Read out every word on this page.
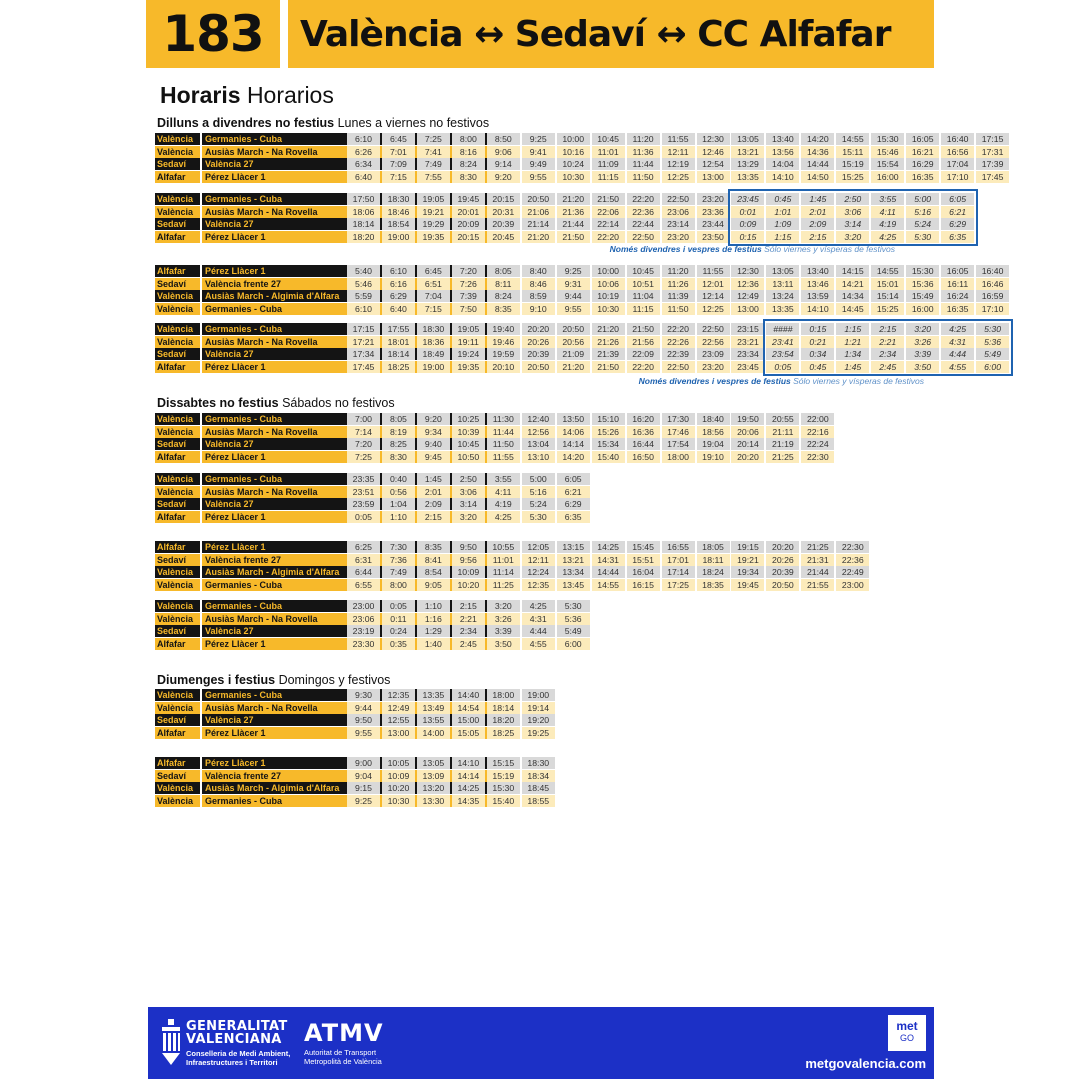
183	València ↔ Sedaví ↔ CC Alfafar
Horaris Horarios
Dilluns a divendres no festius Lunes a viernes no festivos
València	Germanies - Cuba	6:10	6:45	7:25	8:00	8:50	9:25	10:00	10:45	11:20	11:55	12:30	13:05	13:40	14:20	14:55	15:30	16:05	16:40	17:15
València	Ausiàs March - Na Rovella	6:26	7:01	7:41	8:16	9:06	9:41	10:16	11:01	11:36	12:11	12:46	13:21	13:56	14:36	15:11	15:46	16:21	16:56	17:31
Sedaví	València 27	6:34	7:09	7:49	8:24	9:14	9:49	10:24	11:09	11:44	12:19	12:54	13:29	14:04	14:44	15:19	15:54	16:29	17:04	17:39
Alfafar	Pérez Llàcer 1	6:40	7:15	7:55	8:30	9:20	9:55	10:30	11:15	11:50	12:25	13:00	13:35	14:10	14:50	15:25	16:00	16:35	17:10	17:45
València	Germanies - Cuba	17:50	18:30	19:05	19:45	20:15	20:50	21:20	21:50	22:20	22:50	23:20	23:45	0:45	1:45	2:50	3:55	5:00	6:05
València	Ausiàs March - Na Rovella	18:06	18:46	19:21	20:01	20:31	21:06	21:36	22:06	22:36	23:06	23:36	0:01	1:01	2:01	3:06	4:11	5:16	6:21
Sedaví	València 27	18:14	18:54	19:29	20:09	20:39	21:14	21:44	22:14	22:44	23:14	23:44	0:09	1:09	2:09	3:14	4:19	5:24	6:29
Alfafar	Pérez Llàcer 1	18:20	19:00	19:35	20:15	20:45	21:20	21:50	22:20	22:50	23:20	23:50	0:15	1:15	2:15	3:20	4:25	5:30	6:35
Només divendres i vespres de festius Sólo viernes y vísperas de festivos
Alfafar	Pérez Llàcer 1	5:40	6:10	6:45	7:20	8:05	8:40	9:25	10:00	10:45	11:20	11:55	12:30	13:05	13:40	14:15	14:55	15:30	16:05	16:40
Sedaví	València frente 27	5:46	6:16	6:51	7:26	8:11	8:46	9:31	10:06	10:51	11:26	12:01	12:36	13:11	13:46	14:21	15:01	15:36	16:11	16:46
València	Ausiàs March - Algimia d'Alfara	5:59	6:29	7:04	7:39	8:24	8:59	9:44	10:19	11:04	11:39	12:14	12:49	13:24	13:59	14:34	15:14	15:49	16:24	16:59
València	Germanies - Cuba	6:10	6:40	7:15	7:50	8:35	9:10	9:55	10:30	11:15	11:50	12:25	13:00	13:35	14:10	14:45	15:25	16:00	16:35	17:10
València	Germanies - Cuba	17:15	17:55	18:30	19:05	19:40	20:20	20:50	21:20	21:50	22:20	22:50	23:15	####	0:15	1:15	2:15	3:20	4:25	5:30
València	Ausiàs March - Na Rovella	17:21	18:01	18:36	19:11	19:46	20:26	20:56	21:26	21:56	22:26	22:56	23:21	23:41	0:21	1:21	2:21	3:26	4:31	5:36
Sedaví	València 27	17:34	18:14	18:49	19:24	19:59	20:39	21:09	21:39	22:09	22:39	23:09	23:34	23:54	0:34	1:34	2:34	3:39	4:44	5:49
Alfafar	Pérez Llàcer 1	17:45	18:25	19:00	19:35	20:10	20:50	21:20	21:50	22:20	22:50	23:20	23:45	0:05	0:45	1:45	2:45	3:50	4:55	6:00
Només divendres i vespres de festius Sólo viernes y vísperas de festivos
Dissabtes no festius Sábados no festivos
València	Germanies - Cuba	7:00	8:05	9:20	10:25	11:30	12:40	13:50	15:10	16:20	17:30	18:40	19:50	20:55	22:00
València	Ausiàs March - Na Rovella	7:14	8:19	9:34	10:39	11:44	12:56	14:06	15:26	16:36	17:46	18:56	20:06	21:11	22:16
Sedaví	València 27	7:20	8:25	9:40	10:45	11:50	13:04	14:14	15:34	16:44	17:54	19:04	20:14	21:19	22:24
Alfafar	Pérez Llàcer 1	7:25	8:30	9:45	10:50	11:55	13:10	14:20	15:40	16:50	18:00	19:10	20:20	21:25	22:30
València	Germanies - Cuba	23:35	0:40	1:45	2:50	3:55	5:00	6:05
València	Ausiàs March - Na Rovella	23:51	0:56	2:01	3:06	4:11	5:16	6:21
Sedaví	València 27	23:59	1:04	2:09	3:14	4:19	5:24	6:29
Alfafar	Pérez Llàcer 1	0:05	1:10	2:15	3:20	4:25	5:30	6:35
Alfafar	Pérez Llàcer 1	6:25	7:30	8:35	9:50	10:55	12:05	13:15	14:25	15:45	16:55	18:05	19:15	20:20	21:25	22:30
Sedaví	València frente 27	6:31	7:36	8:41	9:56	11:01	12:11	13:21	14:31	15:51	17:01	18:11	19:21	20:26	21:31	22:36
València	Ausiàs March - Algimia d'Alfara	6:44	7:49	8:54	10:09	11:14	12:24	13:34	14:44	16:04	17:14	18:24	19:34	20:39	21:44	22:49
València	Germanies - Cuba	6:55	8:00	9:05	10:20	11:25	12:35	13:45	14:55	16:15	17:25	18:35	19:45	20:50	21:55	23:00
València	Germanies - Cuba	23:00	0:05	1:10	2:15	3:20	4:25	5:30
València	Ausiàs March - Na Rovella	23:06	0:11	1:16	2:21	3:26	4:31	5:36
Sedaví	València 27	23:19	0:24	1:29	2:34	3:39	4:44	5:49
Alfafar	Pérez Llàcer 1	23:30	0:35	1:40	2:45	3:50	4:55	6:00
Diumenges i festius Domingos y festivos
València	Germanies - Cuba	9:30	12:35	13:35	14:40	18:00	19:00
València	Ausiàs March - Na Rovella	9:44	12:49	13:49	14:54	18:14	19:14
Sedaví	València 27	9:50	12:55	13:55	15:00	18:20	19:20
Alfafar	Pérez Llàcer 1	9:55	13:00	14:00	15:05	18:25	19:25
Alfafar	Pérez Llàcer 1	9:00	10:05	13:05	14:10	15:15	18:30
Sedaví	València frente 27	9:04	10:09	13:09	14:14	15:19	18:34
València	Ausiàs March - Algimia d'Alfara	9:15	10:20	13:20	14:25	15:30	18:45
València	Germanies - Cuba	9:25	10:30	13:30	14:35	15:40	18:55
GENERALITAT
VALENCIANA
Conselleria de Medi Ambient,
Infraestructures i Territori
ATMV
Autoritat de Transport
Metropolità de València
met
GO
metgovalencia.com
